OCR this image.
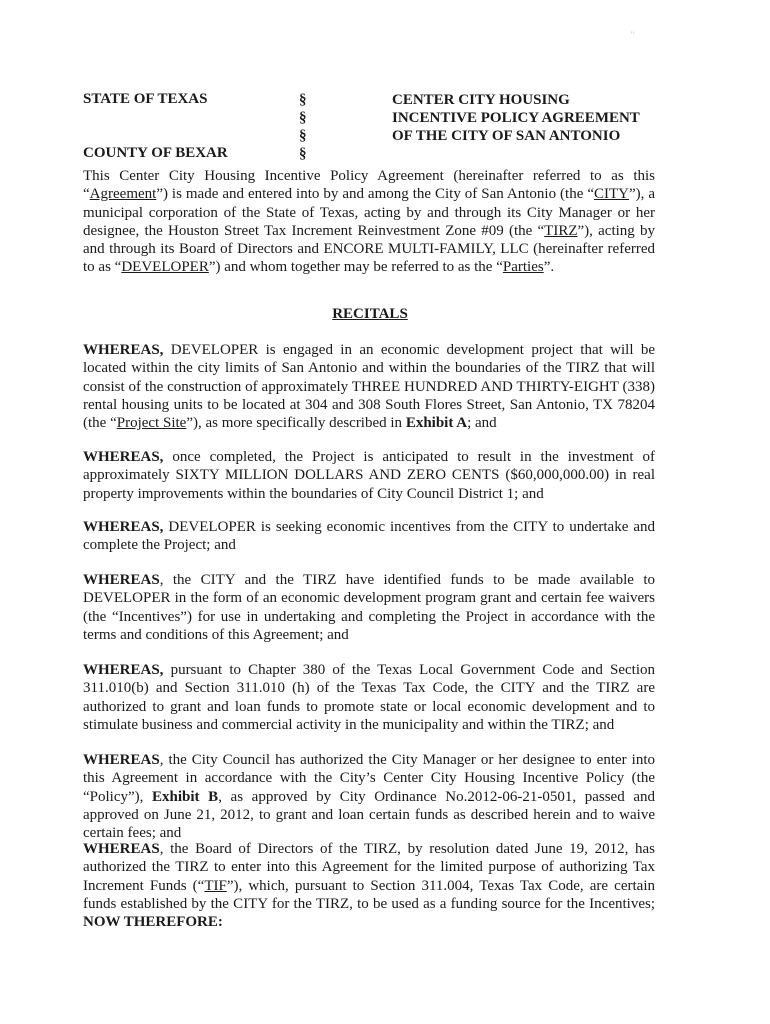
'‘
STATE OF TEXAS
COUNTY OF BEXAR
§
§
§
§
CENTER CITY HOUSING
INCENTIVE POLICY AGREEMENT
OF THE CITY OF SAN ANTONIO

This Center City Housing Incentive Policy Agreement (hereinafter referred to as this “Agreement”) is made and entered into by and among the City of San Antonio (the “CITY”), a municipal corporation of the State of Texas, acting by and through its City Manager or her designee, the Houston Street Tax Increment Reinvestment Zone #09 (the “TIRZ”), acting by and through its Board of Directors and ENCORE MULTI-FAMILY, LLC (hereinafter referred to as “DEVELOPER”) and whom together may be referred to as the “Parties”.

RECITALS

WHEREAS, DEVELOPER is engaged in an economic development project that will be located within the city limits of San Antonio and within the boundaries of the TIRZ that will consist of the construction of approximately THREE HUNDRED AND THIRTY-EIGHT (338) rental housing units to be located at 304 and 308 South Flores Street, San Antonio, TX 78204 (the “Project Site”), as more specifically described in Exhibit A; and

WHEREAS, once completed, the Project is anticipated to result in the investment of approximately SIXTY MILLION DOLLARS AND ZERO CENTS ($60,000,000.00) in real property improvements within the boundaries of City Council District 1; and

WHEREAS, DEVELOPER is seeking economic incentives from the CITY to undertake and complete the Project; and

WHEREAS, the CITY and the TIRZ have identified funds to be made available to DEVELOPER in the form of an economic development program grant and certain fee waivers (the “Incentives”) for use in undertaking and completing the Project in accordance with the terms and conditions of this Agreement; and

WHEREAS, pursuant to Chapter 380 of the Texas Local Government Code and Section 311.010(b) and Section 311.010 (h) of the Texas Tax Code, the CITY and the TIRZ are authorized to grant and loan funds to promote state or local economic development and to stimulate business and commercial activity in the municipality and within the TIRZ; and

WHEREAS, the City Council has authorized the City Manager or her designee to enter into this Agreement in accordance with the City’s Center City Housing Incentive Policy (the “Policy”), Exhibit B, as approved by City Ordinance No.2012-06-21-0501, passed and approved on June 21, 2012, to grant and loan certain funds as described herein and to waive certain fees; and

WHEREAS, the Board of Directors of the TIRZ, by resolution dated June 19, 2012, has authorized the TIRZ to enter into this Agreement for the limited purpose of authorizing Tax Increment Funds (“TIF”), which, pursuant to Section 311.004, Texas Tax Code, are certain funds established by the CITY for the TIRZ, to be used as a funding source for the Incentives; NOW THEREFORE:
